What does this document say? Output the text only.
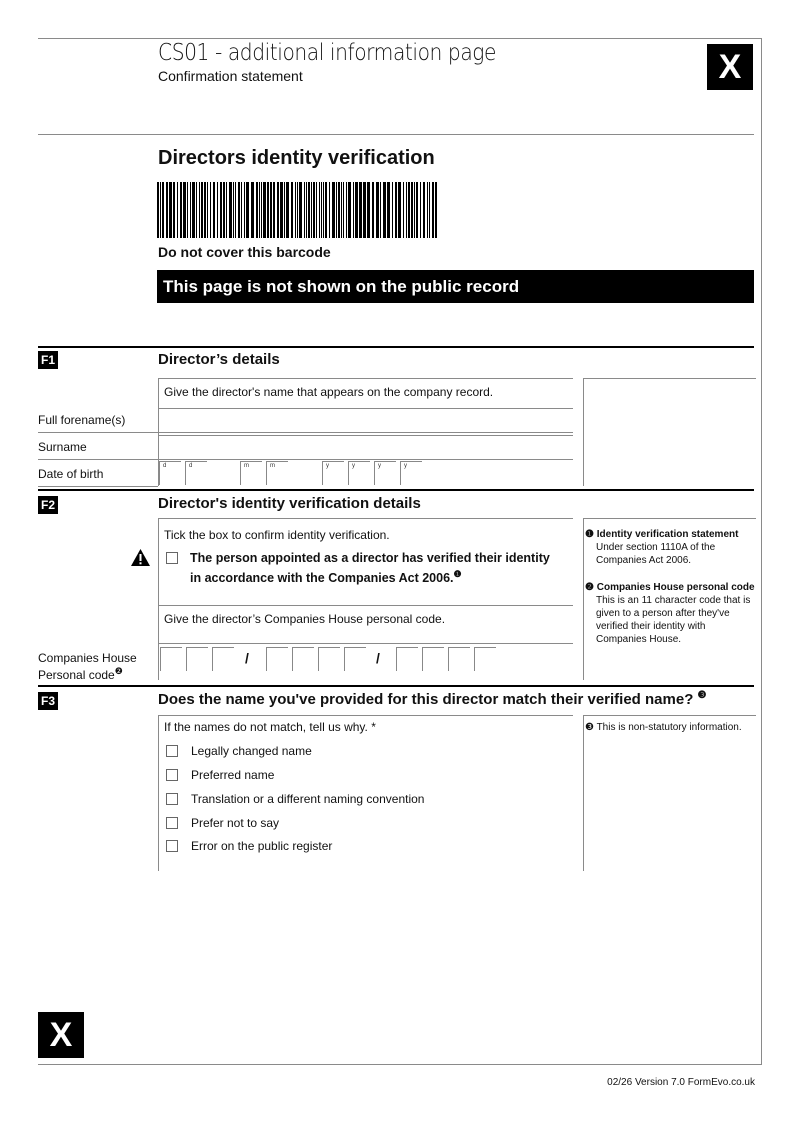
CS01 - additional information page
Confirmation statement	X
Directors identity verification
Do not cover this barcode
This page is not shown on the public record
F1	Director’s details
Give the director's name that appears on the company record.
Full forename(s)
Surname
Date of birth
d	d	m	m	y	y	y	y
F2	Director's identity verification details
Tick the box to confirm identity verification.
The person appointed as a director has verified their identity in accordance with the Companies Act 2006.$^❶$
Give the director’s Companies House personal code.
Companies House
Personal code$^❷$
/	/
❶ Identity verification statement
Under section 1110A of the Companies Act 2006.
❷ Companies House personal code
This is an 11 character code that is given to a person after they've verified their identity with Companies House.
F3	Does the name you've provided for this director match their verified name? $^❸$
If the names do not match, tell us why. *
Legally changed name
Preferred name
Translation or a different naming convention
Prefer not to say
Error on the public register
❸ This is non-statutory information.
X
02/26 Version 7.0 FormEvo.co.uk
